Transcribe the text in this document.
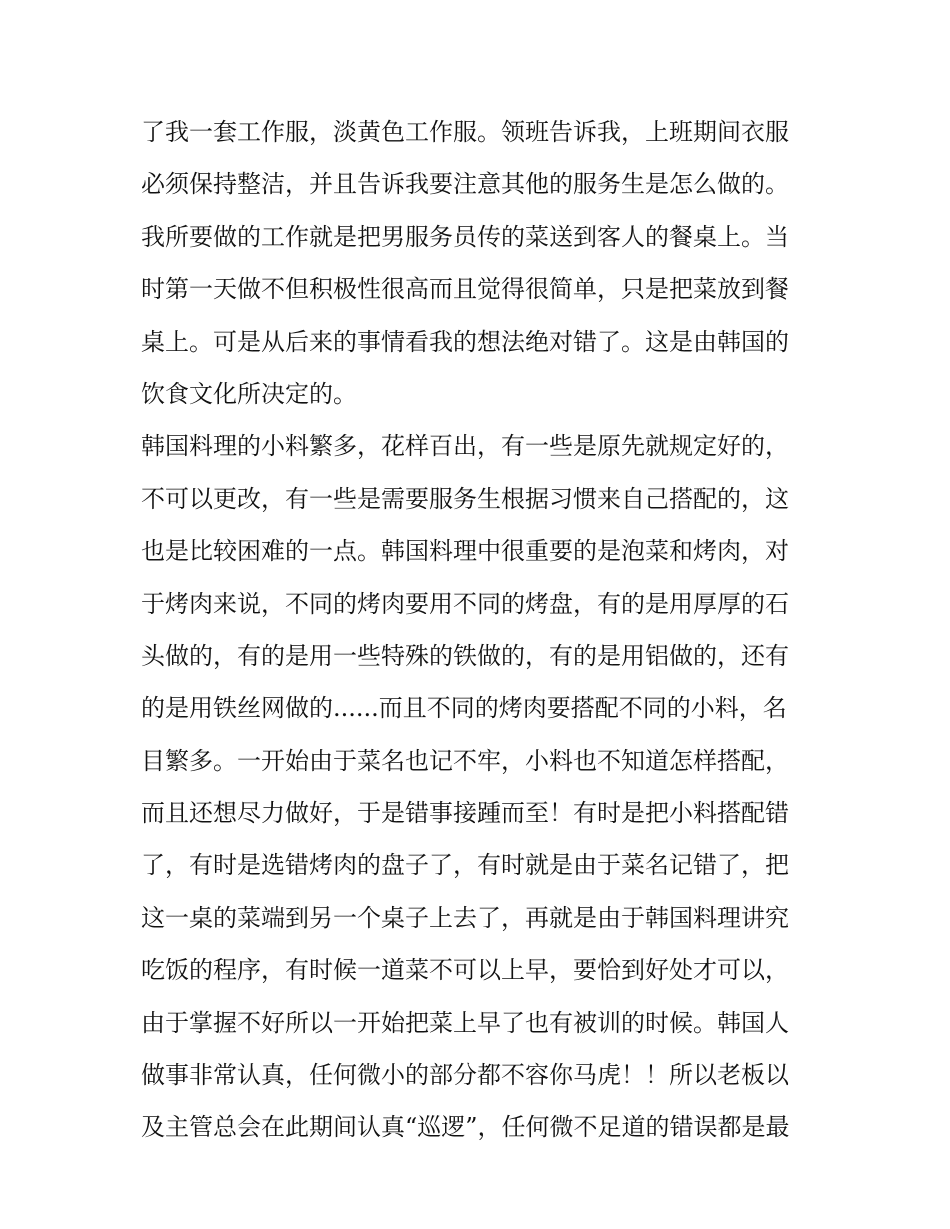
了我一套工作服，淡黄色工作服。领班告诉我，上班期间衣服
必须保持整洁，并且告诉我要注意其他的服务生是怎么做的。
我所要做的工作就是把男服务员传的菜送到客人的餐桌上。当
时第一天做不但积极性很高而且觉得很简单，只是把菜放到餐
桌上。可是从后来的事情看我的想法绝对错了。这是由韩国的
饮食文化所决定的。
韩国料理的小料繁多，花样百出，有一些是原先就规定好的，
不可以更改，有一些是需要服务生根据习惯来自己搭配的，这
也是比较困难的一点。韩国料理中很重要的是泡菜和烤肉，对
于烤肉来说，不同的烤肉要用不同的烤盘，有的是用厚厚的石
头做的，有的是用一些特殊的铁做的，有的是用铝做的，还有
的是用铁丝网做的......而且不同的烤肉要搭配不同的小料，名
目繁多。一开始由于菜名也记不牢，小料也不知道怎样搭配，
而且还想尽力做好，于是错事接踵而至！有时是把小料搭配错
了，有时是选错烤肉的盘子了，有时就是由于菜名记错了，把
这一桌的菜端到另一个桌子上去了，再就是由于韩国料理讲究
吃饭的程序，有时候一道菜不可以上早，要恰到好处才可以，
由于掌握不好所以一开始把菜上早了也有被训的时候。韩国人
做事非常认真，任何微小的部分都不容你马虎！！所以老板以
及主管总会在此期间认真“巡逻”，任何微不足道的错误都是最
